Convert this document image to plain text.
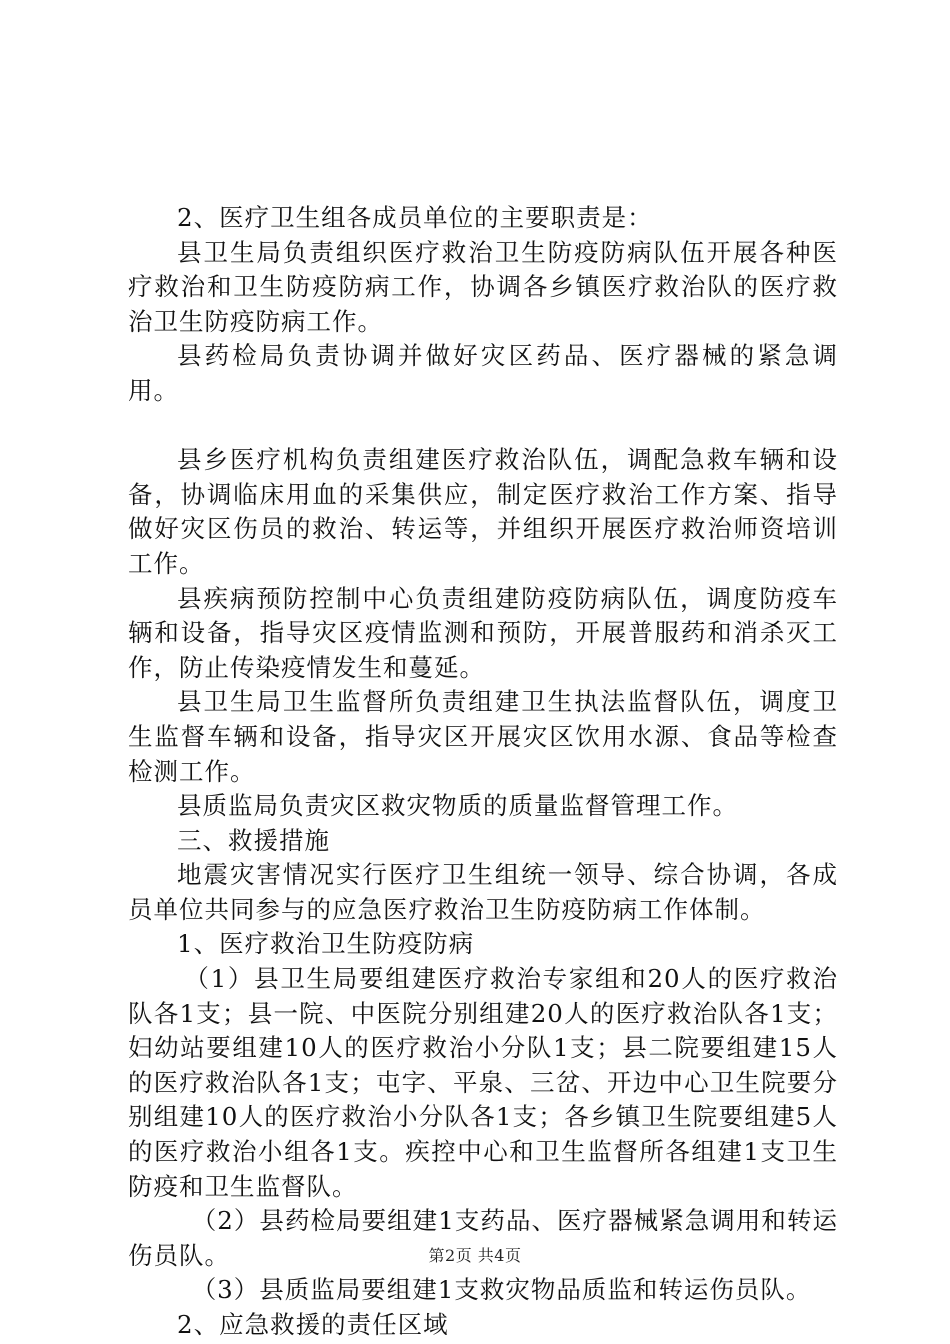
2、医疗卫生组各成员单位的主要职责是：

县卫生局负责组织医疗救治卫生防疫防病队伍开展各种医疗救治和卫生防疫防病工作，协调各乡镇医疗救治队的医疗救治卫生防疫防病工作。

县药检局负责协调并做好灾区药品、医疗器械的紧急调用。

县乡医疗机构负责组建医疗救治队伍，调配急救车辆和设备，协调临床用血的采集供应，制定医疗救治工作方案、指导做好灾区伤员的救治、转运等，并组织开展医疗救治师资培训工作。

县疾病预防控制中心负责组建防疫防病队伍，调度防疫车辆和设备，指导灾区疫情监测和预防，开展普服药和消杀灭工作，防止传染疫情发生和蔓延。

县卫生局卫生监督所负责组建卫生执法监督队伍，调度卫生监督车辆和设备，指导灾区开展灾区饮用水源、食品等检查检测工作。

县质监局负责灾区救灾物质的质量监督管理工作。

三、救援措施

地震灾害情况实行医疗卫生组统一领导、综合协调，各成员单位共同参与的应急医疗救治卫生防疫防病工作体制。

1、医疗救治卫生防疫防病

（1）县卫生局要组建医疗救治专家组和20人的医疗救治队各1支；县一院、中医院分别组建20人的医疗救治队各1支；妇幼站要组建10人的医疗救治小分队1支；县二院要组建15人的医疗救治队各1支；屯字、平泉、三岔、开边中心卫生院要分别组建10人的医疗救治小分队各1支；各乡镇卫生院要组建5人的医疗救治小组各1支。疾控中心和卫生监督所各组建1支卫生防疫和卫生监督队。

（2）县药检局要组建1支药品、医疗器械紧急调用和转运伤员队。

（3）县质监局要组建1支救灾物品质监和转运伤员队。

2、应急救援的责任区域

第2页 共4页
